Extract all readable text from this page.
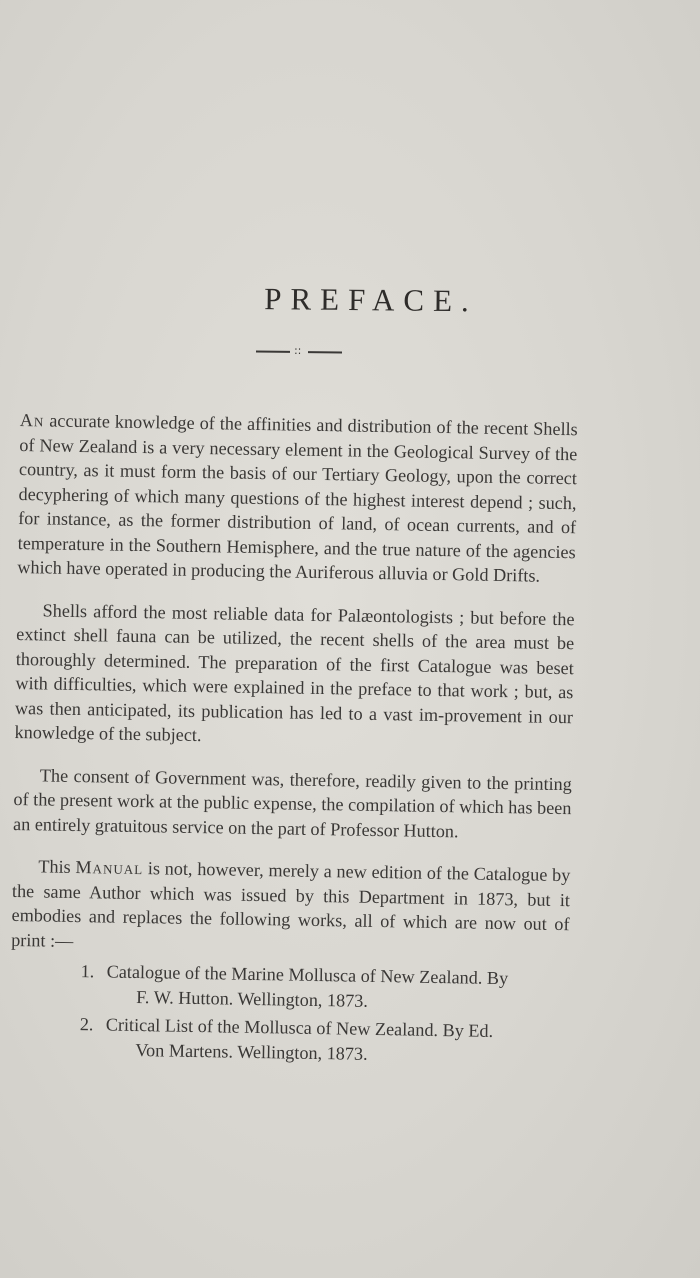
PREFACE.
::

An accurate knowledge of the affinities and distribution of the recent Shells of New Zealand is a very necessary element in the Geological Survey of the country, as it must form the basis of our Tertiary Geology, upon the correct decyphering of which many questions of the highest interest depend ; such, for instance, as the former distribution of land, of ocean currents, and of temperature in the Southern Hemisphere, and the true nature of the agencies which have operated in producing the Auriferous alluvia or Gold Drifts.

Shells afford the most reliable data for Palæontologists ; but before the extinct shell fauna can be utilized, the recent shells of the area must be thoroughly determined. The preparation of the first Catalogue was beset with difficulties, which were explained in the preface to that work ; but, as was then anticipated, its publication has led to a vast im-provement in our knowledge of the subject.

The consent of Government was, therefore, readily given to the printing of the present work at the public expense, the compilation of which has been an entirely gratuitous service on the part of Professor Hutton.

This Manual is not, however, merely a new edition of the Catalogue by the same Author which was issued by this Department in 1873, but it embodies and replaces the following works, all of which are now out of print :—

1. Catalogue of the Marine Mollusca of New Zealand. By
F. W. Hutton. Wellington, 1873.
2. Critical List of the Mollusca of New Zealand. By Ed.
Von Martens. Wellington, 1873.
